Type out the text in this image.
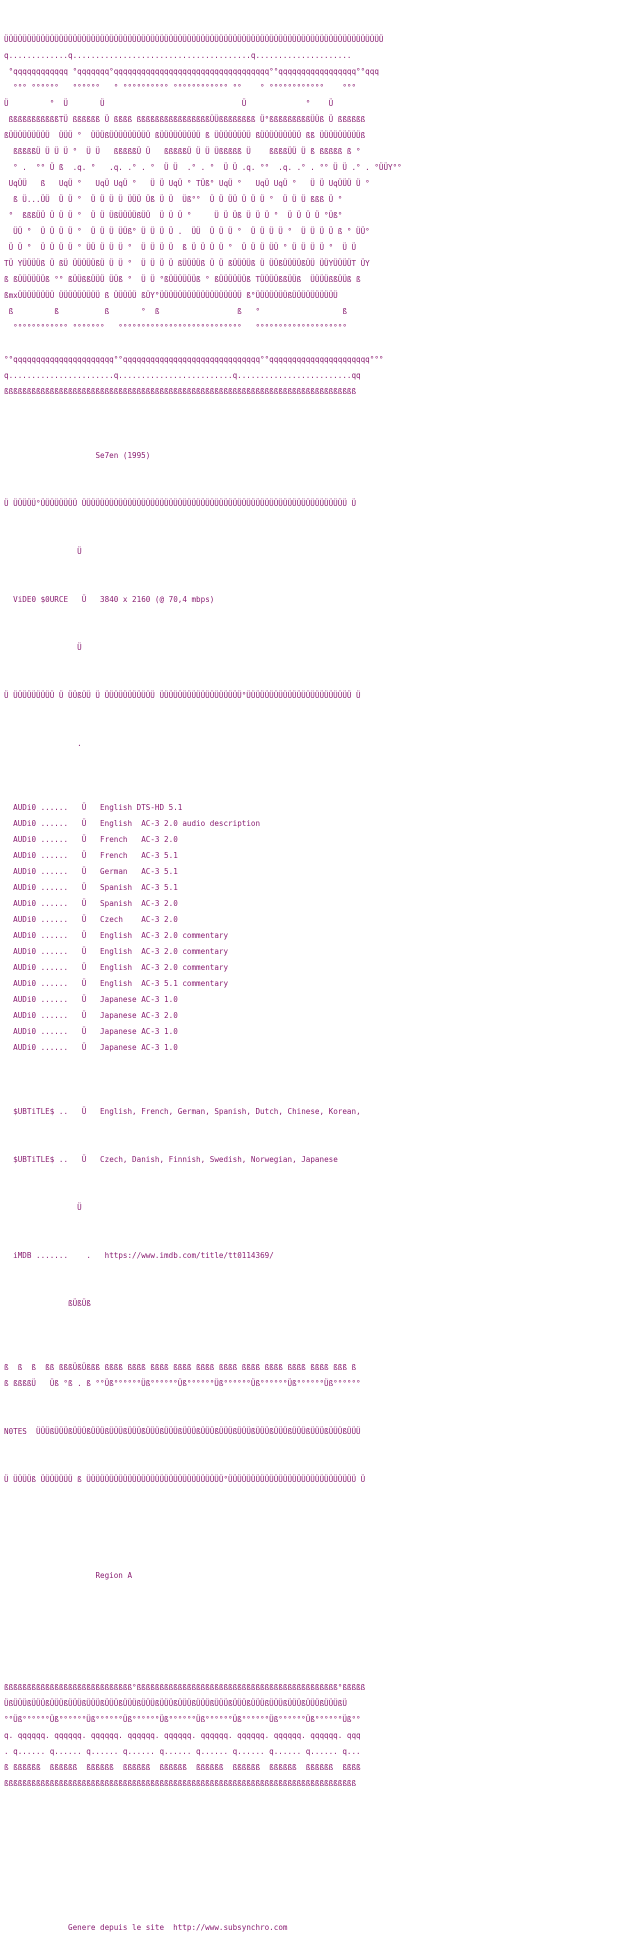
ÜÜÜÜÜÜÜÜÜÜÜÜÜÜÜÜÜÜÜÜÜÜÜÜÜÜÜÜÜÜÜÜÜÜÜÜÜÜÜÜÜÜÜÜÜÜÜÜÜÜÜÜÜÜÜÜÜÜÜÜÜÜÜÜÜÜÜÜÜÜÜÜÜÜÜÜÜÜÜÜÜÜÜ
q.............q.......................................q.....................
°qqqqqqqqqqqq °qqqqqqq°qqqqqqqqqqqqqqqqqqqqqqqqqqqqqqqqqq°°qqqqqqqqqqqqqqqqq°°qqq
°°° °°°°°°   °°°°°°   ° °°°°°°°°°° °°°°°°°°°°°° °°    ° °°°°°°°°°°°°    °°°
Ü         °  Ü       Ü                              Ü             °    Ü
ßßßßßßßßßßßTÜ ßßßßßß Ü ßßßß ßßßßßßßßßßßßßßßßÜÜßßßßßßßß Ü°ßßßßßßßßßÜÜß Ü ßßßßßß
ßÜÜÜÜÜÜÜÜÜ  ÜÜÜ °  ÜÜÜßÜÜÜÜÜÜÜÜÜ ßÜÜÜÜÜÜÜÜÜ ß ÜÜÜÜÜÜÜÜ ßÜÜÜÜÜÜÜÜÜ ßß ÜÜÜÜÜÜÜÜÜß
ßßßßßÜ Ü Ü Ü °  Ü Ü   ßßßßßÜ Ü   ßßßßßÜ Ü Ü Üßßßßß Ü    ßßßßÜÜ Ü ß ßßßßß ß °
° .  °° Ü ß  .q. °   .q. .° . °  Ü Ü  .° . °  Ü Ü .q. °°  .q. .° . °° Ü Ü .° . °ÜÜY°°
UqÜÜ   ß   UqÜ °   UqÜ UqÜ °   Ü Ü UqÜ ° TÜß° UqÜ °   UqÜ UqÜ °   Ü Ü UqÜÜÜ Ü °
ß Ü...ÜÜ  Ü Ü °  Ü Ü Ü Ü ÜÜÜ Üß Ü Ü  Üß°°  Ü Ü ÜÜ Ü Ü Ü °  Ü Ü Ü ßßß Ü °
°  ßßßÜÜ Ü Ü Ü °  Ü Ü ÜßÜÜÜÜßÜÜ  Ü Ü Ü °     Ü Ü Üß Ü Ü Ü °  Ü Ü Ü Ü °Üß°
ÜÜ °  Ü Ü Ü Ü °  Ü Ü Ü ÜÜß° Ü Ü Ü Ü .  ÜÜ  Ü Ü Ü °  Ü Ü Ü Ü °  Ü Ü Ü Ü ß ° ÜÜ°
Ü Ü °  Ü Ü Ü Ü ° ÜÜ Ü Ü Ü °  Ü Ü Ü Ü  ß Ü Ü Ü Ü °  Ü Ü Ü ÜÜ ° Ü Ü Ü Ü °  Ü Ü
TÜ YÜÜÜÜß Ü ßÜ ÜÜÜÜÜßÜ Ü Ü °  Ü Ü Ü Ü ßÜÜÜÜß Ü Ü ßÜÜÜÜß Ü ÜÜßÜÜÜÜßÜÜ ÜÜYÜÜÜÜT ÜY
ß ßÜÜÜÜÜÜß °° ßÜÜßßÜÜÜ ÜÜß °  Ü Ü °ßÜÜÜÜÜÜß ° ßÜÜÜÜÜÜß TÜÜÜÜßßÜÜß  ÜÜÜÜßßÜÜß ß
ßmxÜÜÜÜÜÜÜÜ ÜÜÜÜÜÜÜÜÜ ß ÜÜÜÜÜ ßÜY°ÜÜÜÜÜÜÜÜÜÜÜÜÜÜÜÜÜÜ ß°ÜÜÜÜÜÜÜßÜÜÜÜÜÜÜÜÜÜ
ß         ß          ß       °  ß                 ß   °                  ß
°°°°°°°°°°°° °°°°°°°   °°°°°°°°°°°°°°°°°°°°°°°°°°°   °°°°°°°°°°°°°°°°°°°°
°°qqqqqqqqqqqqqqqqqqqqqq°°qqqqqqqqqqqqqqqqqqqqqqqqqqqqqq°°qqqqqqqqqqqqqqqqqqqqqq°°°
q.......................q.........................q.........................qq
ßßßßßßßßßßßßßßßßßßßßßßßßßßßßßßßßßßßßßßßßßßßßßßßßßßßßßßßßßßßßßßßßßßßßßßßßßßßßß

Se7en (1995)

Ü ÜÜÜÜÜ°ÜÜÜÜÜÜÜÜ ÜÜÜÜÜÜÜÜÜÜÜÜÜÜÜÜÜÜÜÜÜÜÜÜÜÜÜÜÜÜÜÜÜÜÜÜÜÜÜÜÜÜÜÜÜÜÜÜÜÜÜÜÜÜÜÜÜÜ Ü

Ü

ViDE0 $0URCE Ü 3840 x 2160 (@ 70,4 mbps)

Ü

Ü ÜÜÜÜÜÜÜÜÜ Ü ÜÜßÜÜ Ü ÜÜÜÜÜÜÜÜÜÜÜ ÜÜÜÜÜÜÜÜÜÜÜÜÜÜÜÜÜÜ°ÜÜÜÜÜÜÜÜÜÜÜÜÜÜÜÜÜÜÜÜÜÜÜ Ü

.

AUDi0 ...... Ü English DTS-HD 5.1
AUDi0 ...... Ü English  AC-3 2.0 audio description
AUDi0 ...... Ü French   AC-3 2.0
AUDi0 ...... Ü French   AC-3 5.1
AUDi0 ...... Ü German   AC-3 5.1
AUDi0 ...... Ü Spanish  AC-3 5.1
AUDi0 ...... Ü Spanish  AC-3 2.0
AUDi0 ...... Ü Czech    AC-3 2.0
AUDi0 ...... Ü English  AC-3 2.0 commentary
AUDi0 ...... Ü English  AC-3 2.0 commentary
AUDi0 ...... Ü English  AC-3 2.0 commentary
AUDi0 ...... Ü English  AC-3 5.1 commentary
AUDi0 ...... Ü Japanese AC-3 1.0
AUDi0 ...... Ü Japanese AC-3 2.0
AUDi0 ...... Ü Japanese AC-3 1.0
AUDi0 ...... Ü Japanese AC-3 1.0

$UBTiTLE$ .. Ü English, French, German, Spanish, Dutch, Chinese, Korean,

$UBTiTLE$ .. Ü Czech, Danish, Finnish, Swedish, Norwegian, Japanese

Ü

iMDB ....... . https://www.imdb.com/title/tt0114369/

ßÜßÜß

ß  ß  ß  ßß ßßßÜßÜßßß ßßßß ßßßß ßßßß ßßßß ßßßß ßßßß ßßßß ßßßß ßßßß ßßßß ßßß ß
ß ßßßßÜ   Üß °ß . ß °°Üß°°°°°°Üß°°°°°°Üß°°°°°°Üß°°°°°°Üß°°°°°°Üß°°°°°°Üß°°°°°°

N0TES ÜÜÜßÜÜÜßÜÜÜßÜÜÜßÜÜÜßÜÜÜßÜÜÜßÜÜÜßÜÜÜßÜÜÜßÜÜÜßÜÜÜßÜÜÜßÜÜÜßÜÜÜßÜÜÜßÜÜÜßÜÜÜ

Ü ÜÜÜÜß ÜÜÜÜÜÜÜ ß ÜÜÜÜÜÜÜÜÜÜÜÜÜÜÜÜÜÜÜÜÜÜÜÜÜÜÜÜÜÜ°ÜÜÜÜÜÜÜÜÜÜÜÜÜÜÜÜÜÜÜÜÜÜÜÜÜÜÜÜ Ü

Region A

ßßßßßßßßßßßßßßßßßßßßßßßßßßßß°ßßßßßßßßßßßßßßßßßßßßßßßßßßßßßßßßßßßßßßßßßßßß°ßßßßß
ÜßÜÜÜßÜÜÜßÜÜÜßÜÜÜßÜÜÜßÜÜÜßÜÜÜßÜÜÜßÜÜÜßÜÜÜßÜÜÜßÜÜÜßÜÜÜßÜÜÜßÜÜÜßÜÜÜßÜÜÜßÜÜÜßÜ
°°Üß°°°°°°Üß°°°°°°Üß°°°°°°Üß°°°°°°Üß°°°°°°Üß°°°°°°Üß°°°°°°Üß°°°°°°Üß°°°°°°Üß°°
q. qqqqqq. qqqqqq. qqqqqq. qqqqqq. qqqqqq. qqqqqq. qqqqqq. qqqqqq. qqqqqq. qqq
. q...... q...... q...... q...... q...... q...... q...... q...... q...... q...
ß ßßßßßß  ßßßßßß  ßßßßßß  ßßßßßß  ßßßßßß  ßßßßßß  ßßßßßß  ßßßßßß  ßßßßßß  ßßßß
ßßßßßßßßßßßßßßßßßßßßßßßßßßßßßßßßßßßßßßßßßßßßßßßßßßßßßßßßßßßßßßßßßßßßßßßßßßßßß

Genere depuis le site  http://www.subsynchro.com
